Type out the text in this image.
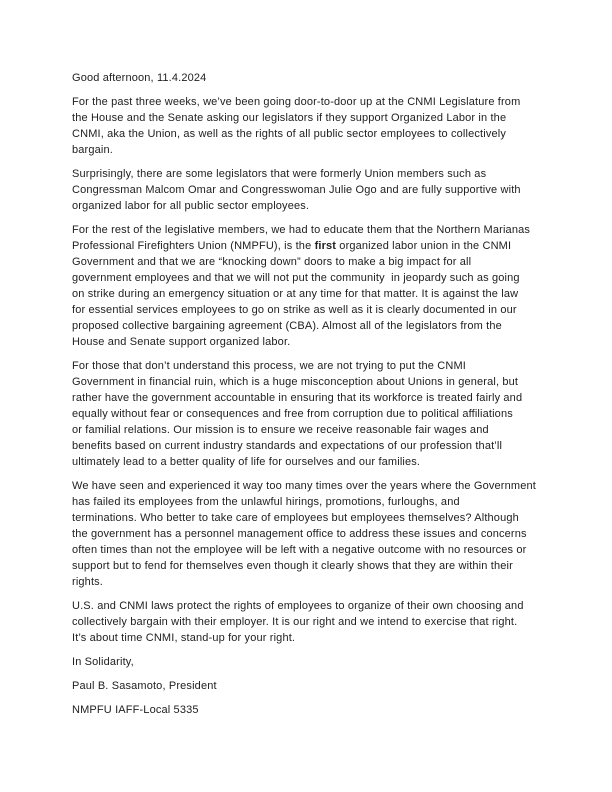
Good afternoon, 11.4.2024

For the past three weeks, we’ve been going door-to-door up at the CNMI Legislature from
the House and the Senate asking our legislators if they support Organized Labor in the
CNMI, aka the Union, as well as the rights of all public sector employees to collectively
bargain.

Surprisingly, there are some legislators that were formerly Union members such as
Congressman Malcom Omar and Congresswoman Julie Ogo and are fully supportive with
organized labor for all public sector employees.

For the rest of the legislative members, we had to educate them that the Northern Marianas
Professional Firefighters Union (NMPFU), is the first organized labor union in the CNMI
Government and that we are “knocking down” doors to make a big impact for all
government employees and that we will not put the community  in jeopardy such as going
on strike during an emergency situation or at any time for that matter. It is against the law
for essential services employees to go on strike as well as it is clearly documented in our
proposed collective bargaining agreement (CBA). Almost all of the legislators from the
House and Senate support organized labor.

For those that don’t understand this process, we are not trying to put the CNMI
Government in financial ruin, which is a huge misconception about Unions in general, but
rather have the government accountable in ensuring that its workforce is treated fairly and
equally without fear or consequences and free from corruption due to political affiliations
or familial relations. Our mission is to ensure we receive reasonable fair wages and
benefits based on current industry standards and expectations of our profession that’ll
ultimately lead to a better quality of life for ourselves and our families.

We have seen and experienced it way too many times over the years where the Government
has failed its employees from the unlawful hirings, promotions, furloughs, and
terminations. Who better to take care of employees but employees themselves? Although
the government has a personnel management office to address these issues and concerns
often times than not the employee will be left with a negative outcome with no resources or
support but to fend for themselves even though it clearly shows that they are within their
rights.

U.S. and CNMI laws protect the rights of employees to organize of their own choosing and
collectively bargain with their employer. It is our right and we intend to exercise that right.
It’s about time CNMI, stand-up for your right.

In Solidarity,

Paul B. Sasamoto, President

NMPFU IAFF-Local 5335
